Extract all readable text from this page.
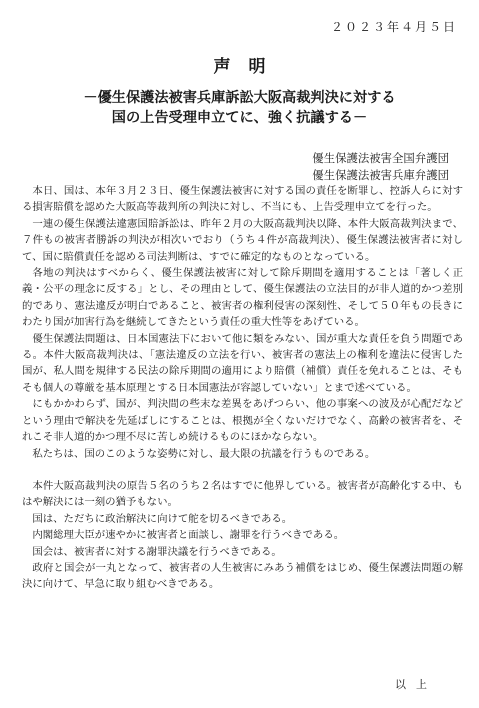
２０２３年４月５日
声明
－優生保護法被害兵庫訴訟大阪高裁判決に対する
国の上告受理申立てに、強く抗議する－
優生保護法被害全国弁護団
優生保護法被害兵庫弁護団

本日、国は、本年３月２３日、優生保護法被害に対する国の責任を断罪し、控訴人らに対する損害賠償を認めた大阪高等裁判所の判決に対し、不当にも、上告受理申立てを行った。

一連の優生保護法違憲国賠訴訟は、昨年２月の大阪高裁判決以降、本件大阪高裁判決まで、７件もの被害者勝訴の判決が相次いでおり（うち４件が高裁判決）、優生保護法被害者に対して、国に賠償責任を認める司法判断は、すでに確定的なものとなっている。

各地の判決はすべからく、優生保護法被害に対して除斥期間を適用することは「著しく正義・公平の理念に反する」とし、その理由として、優生保護法の立法目的が非人道的かつ差別的であり、憲法違反が明白であること、被害者の権利侵害の深刻性、そして５０年もの長きにわたり国が加害行為を継続してきたという責任の重大性等をあげている。

優生保護法問題は、日本国憲法下において他に類をみない、国が重大な責任を負う問題である。本件大阪高裁判決は、「憲法違反の立法を行い、被害者の憲法上の権利を違法に侵害した国が、私人間を規律する民法の除斥期間の適用により賠償（補償）責任を免れることは、そもそも個人の尊厳を基本原理とする日本国憲法が容認していない」とまで述べている。

にもかかわらず、国が、判決間の些末な差異をあげつらい、他の事案への波及が心配だなどという理由で解決を先延ばしにすることは、根拠が全くないだけでなく、高齢の被害者を、それこそ非人道的かつ理不尽に苦しめ続けるものにほかならない。

私たちは、国のこのような姿勢に対し、最大限の抗議を行うものである。

本件大阪高裁判決の原告５名のうち２名はすでに他界している。被害者が高齢化する中、もはや解決には一刻の猶予もない。

国は、ただちに政治解決に向けて舵を切るべきである。

内閣総理大臣が速やかに被害者と面談し、謝罪を行うべきである。

国会は、被害者に対する謝罪決議を行うべきである。

政府と国会が一丸となって、被害者の人生被害にみあう補償をはじめ、優生保護法問題の解決に向けて、早急に取り組むべきである。

以上
